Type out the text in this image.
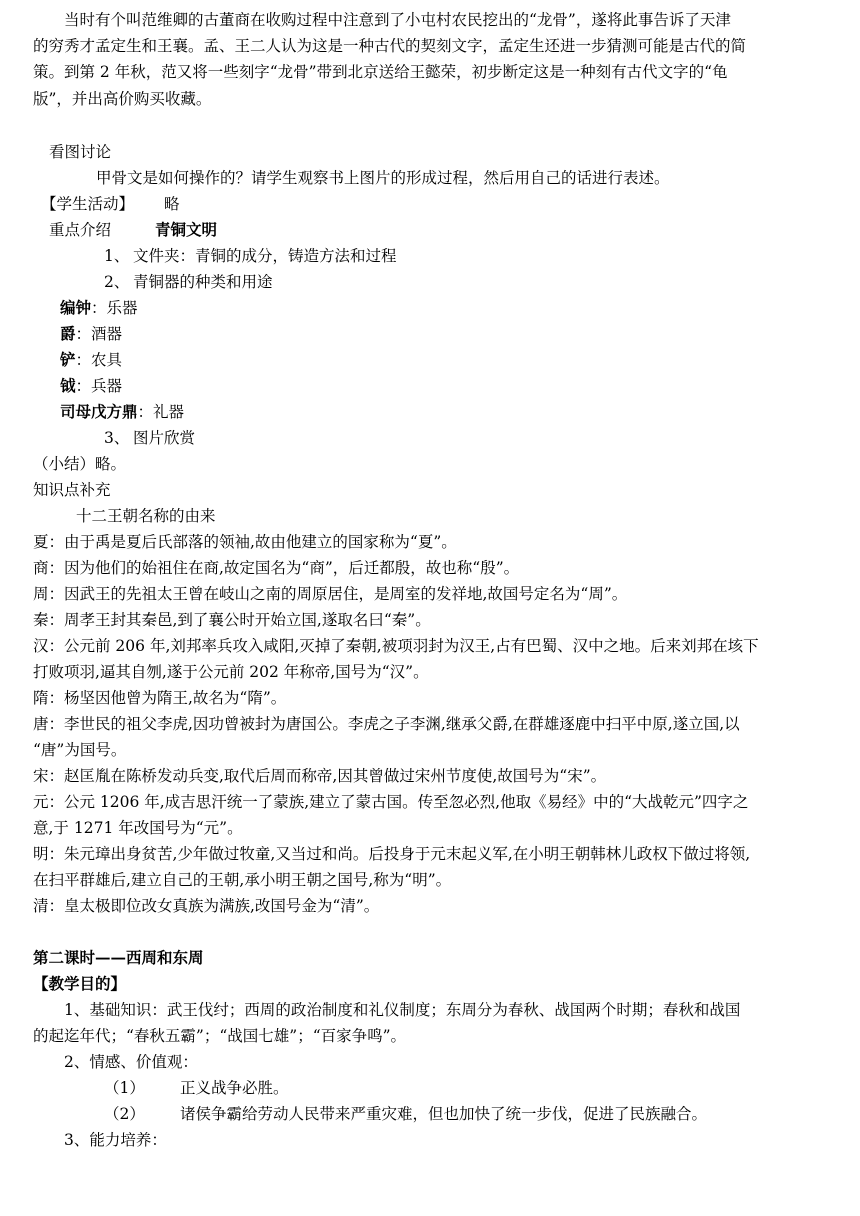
当时有个叫范维卿的古董商在收购过程中注意到了小屯村农民挖出的“龙骨”，遂将此事告诉了天津
的穷秀才孟定生和王襄。孟、王二人认为这是一种古代的契刻文字，孟定生还进一步猜测可能是古代的简
策。到第 2 年秋，范又将一些刻字“龙骨”带到北京送给王懿荣，初步断定这是一种刻有古代文字的“龟
版”，并出高价购买收藏。
看图讨论
甲骨文是如何操作的？请学生观察书上图片的形成过程，然后用自己的话进行表述。
【学生活动】 略
重点介绍	青铜文明
1、 文件夹：青铜的成分，铸造方法和过程
2、 青铜器的种类和用途
编钟：乐器
爵：酒器
铲：农具
钺：兵器
司母戊方鼎：礼器
3、 图片欣赏
（小结）略。
知识点补充
十二王朝名称的由来
夏：由于禹是夏后氏部落的领袖,故由他建立的国家称为“夏”。
商：因为他们的始祖住在商,故定国名为“商”，后迁都殷，故也称“殷”。
周：因武王的先祖太王曾在岐山之南的周原居住，是周室的发祥地,故国号定名为“周”。
秦：周孝王封其秦邑,到了襄公时开始立国,遂取名曰“秦”。
汉：公元前 206 年,刘邦率兵攻入咸阳,灭掉了秦朝,被项羽封为汉王,占有巴蜀、汉中之地。后来刘邦在垓下
打败项羽,逼其自刎,遂于公元前 202 年称帝,国号为“汉”。
隋：杨坚因他曾为隋王,故名为“隋”。
唐：李世民的祖父李虎,因功曾被封为唐国公。李虎之子李渊,继承父爵,在群雄逐鹿中扫平中原,遂立国,以
“唐”为国号。
宋：赵匡胤在陈桥发动兵变,取代后周而称帝,因其曾做过宋州节度使,故国号为“宋”。
元：公元 1206 年,成吉思汗统一了蒙族,建立了蒙古国。传至忽必烈,他取《易经》中的“大战乾元”四字之
意,于 1271 年改国号为“元”。
明：朱元璋出身贫苦,少年做过牧童,又当过和尚。后投身于元末起义军,在小明王朝韩林儿政权下做过将领,
在扫平群雄后,建立自己的王朝,承小明王朝之国号,称为“明”。
清：皇太极即位改女真族为满族,改国号金为“清”。
第二课时——西周和东周
【教学目的】
1、基础知识：武王伐纣；西周的政治制度和礼仪制度；东周分为春秋、战国两个时期；春秋和战国
的起迄年代；“春秋五霸”；“战国七雄”；“百家争鸣”。
2、情感、价值观：
（1） 正义战争必胜。
（2） 诸侯争霸给劳动人民带来严重灾难，但也加快了统一步伐，促进了民族融合。
3、能力培养：
